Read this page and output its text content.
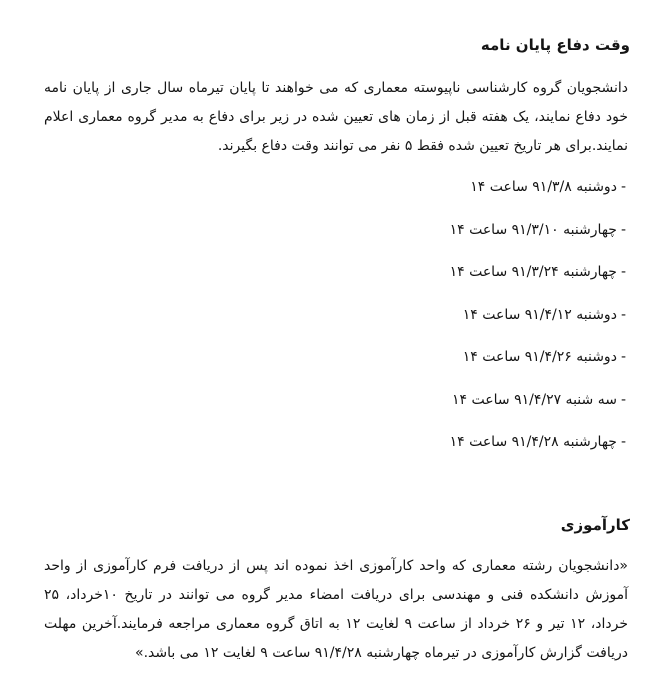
وقت دفاع پایان نامه

دانشجویان گروه کارشناسی ناپیوسته معماری که می خواهند تا پایان تیرماه سال جاری از پایان نامه خود دفاع نمایند، یک هفته قبل از زمان های تعیین شده در زیر برای دفاع به مدیر گروه معماری اعلام نمایند.برای هر تاریخ تعیین شده فقط ۵ نفر می توانند وقت دفاع بگیرند.

-دوشنبه ۹۱/۳/۸ ساعت ۱۴
-چهارشنبه ۹۱/۳/۱۰ ساعت ۱۴
-چهارشنبه ۹۱/۳/۲۴ ساعت ۱۴
-دوشنبه ۹۱/۴/۱۲ ساعت ۱۴
-دوشنبه ۹۱/۴/۲۶ ساعت ۱۴
-سه شنبه ۹۱/۴/۲۷ ساعت ۱۴
-چهارشنبه ۹۱/۴/۲۸ ساعت ۱۴
کارآموزی

«دانشجویان رشته معماری که واحد کارآموزی اخذ نموده اند پس از دریافت فرم کارآموزی از واحد آموزش دانشکده فنی و مهندسی برای دریافت امضاء مدیر گروه می توانند در تاریخ ۱۰خرداد، ۲۵ خرداد، ۱۲ تیر و ۲۶ خرداد از ساعت ۹ لغایت ۱۲ به اتاق گروه معماری مراجعه فرمایند.آخرین مهلت دریافت گزارش کارآموزی در تیرماه چهارشنبه ۹۱/۴/۲۸ ساعت ۹ لغایت ۱۲ می باشد.»
